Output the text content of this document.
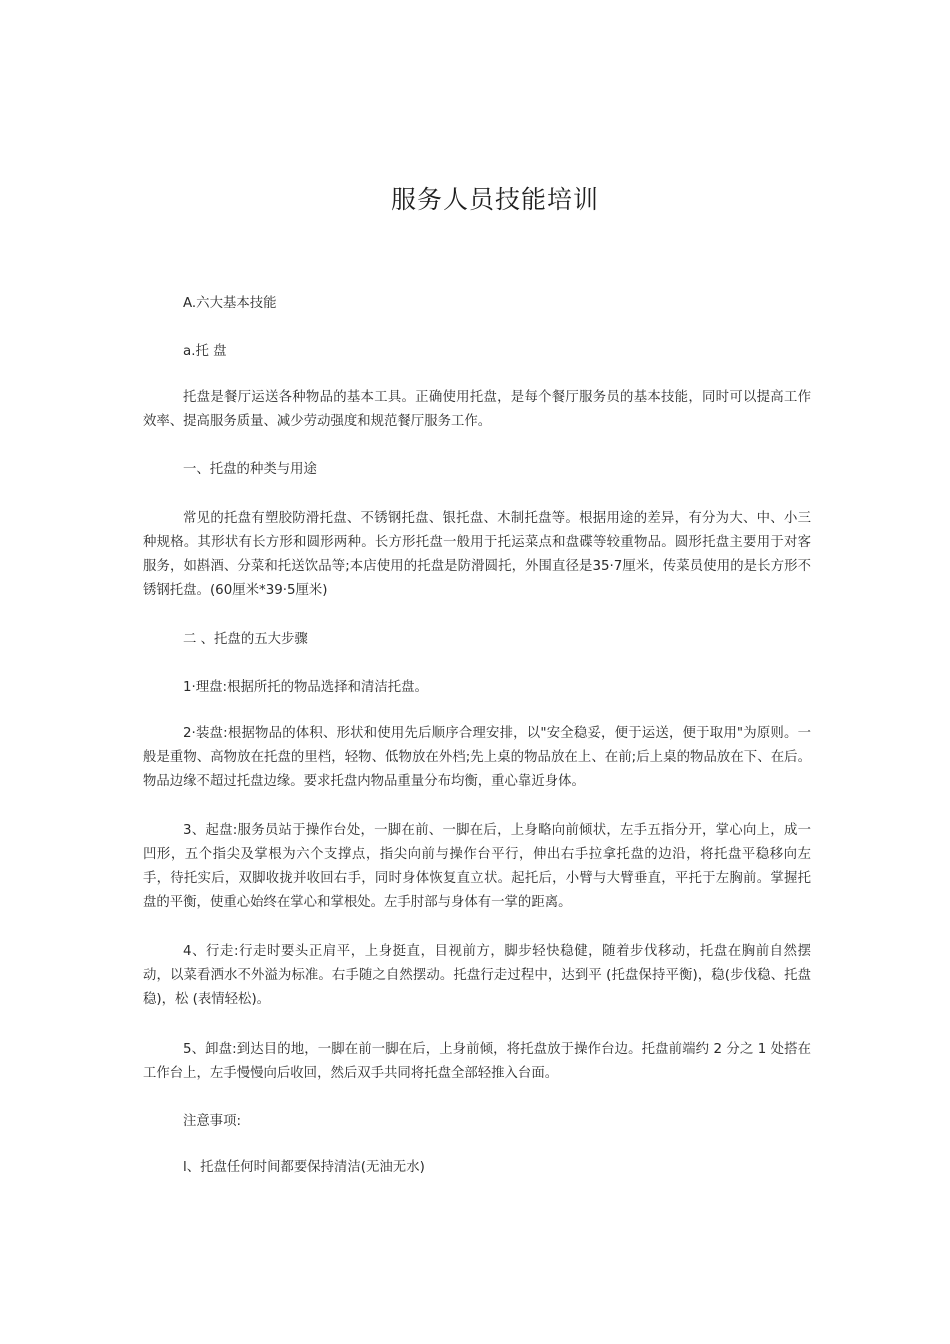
服务人员技能培训
A.六大基本技能
a.托 盘

托盘是餐厅运送各种物品的基本工具。正确使用托盘，是每个餐厅服务员的基本技能，同时可以提高工作效率、提高服务质量、减少劳动强度和规范餐厅服务工作。

一、托盘的种类与用途

常见的托盘有塑胶防滑托盘、不锈钢托盘、银托盘、木制托盘等。根据用途的差异，有分为大、中、小三种规格。其形状有长方形和圆形两种。长方形托盘一般用于托运菜点和盘碟等较重物品。圆形托盘主要用于对客服务，如斟酒、分菜和托送饮品等;本店使用的托盘是防滑圆托，外围直径是35·7厘米，传菜员使用的是长方形不锈钢托盘。(60厘米*39·5厘米)

二 、托盘的五大步骤
1·理盘:根据所托的物品选择和清洁托盘。

2·装盘:根据物品的体积、形状和使用先后顺序合理安排，以"安全稳妥，便于运送，便于取用"为原则。一般是重物、高物放在托盘的里档，轻物、低物放在外档;先上桌的物品放在上、在前;后上桌的物品放在下、在后。物品边缘不超过托盘边缘。要求托盘内物品重量分布均衡，重心靠近身体。

3、起盘:服务员站于操作台处，一脚在前、一脚在后，上身略向前倾状，左手五指分开，掌心向上，成一凹形，五个指尖及掌根为六个支撑点，指尖向前与操作台平行，伸出右手拉拿托盘的边沿，将托盘平稳移向左手，待托实后，双脚收拢并收回右手，同时身体恢复直立状。起托后，小臂与大臂垂直，平托于左胸前。掌握托盘的平衡，使重心始终在掌心和掌根处。左手肘部与身体有一掌的距离。

4、行走:行走时要头正肩平，上身挺直，目视前方，脚步轻快稳健，随着步伐移动，托盘在胸前自然摆动，以菜看洒水不外溢为标准。右手随之自然摆动。托盘行走过程中，达到平 (托盘保持平衡)，稳(步伐稳、托盘稳)，松 (表情轻松)。

5、卸盘:到达目的地，一脚在前一脚在后，上身前倾，将托盘放于操作台边。托盘前端约 2 分之 1 处搭在工作台上，左手慢慢向后收回，然后双手共同将托盘全部轻推入台面。

注意事项:
l、托盘任何时间都要保持清洁(无油无水)
